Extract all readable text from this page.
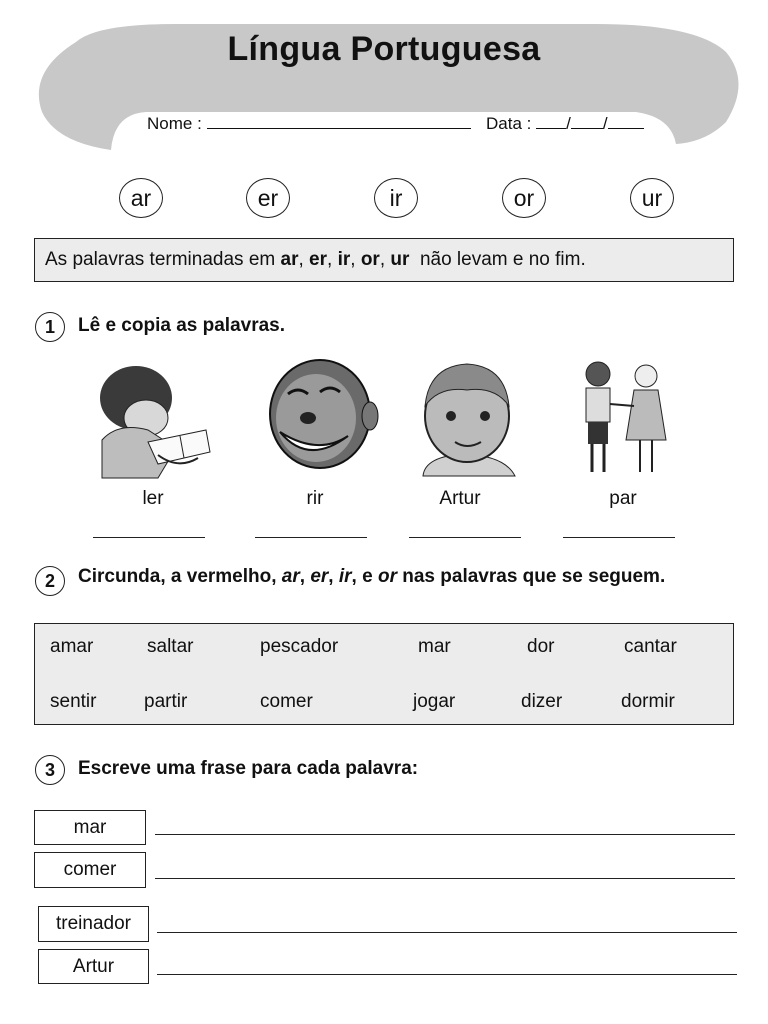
Língua Portuguesa
Nome :	Data : / /
ar	er	ir	or	ur
As palavras terminadas em
ar , er , ir , or , ur
não levam e no fim.
1	Lê e copia as palavras.
ler	rir	Artur	par
2	Circunda, a vermelho, ar, er, ir, e or nas palavras que se seguem.
amar	saltar	pescador	mar	dor	cantar
sentir	partir	comer	jogar	dizer	dormir
3	Escreve uma frase para cada palavra:
mar
comer
treinador
Artur
